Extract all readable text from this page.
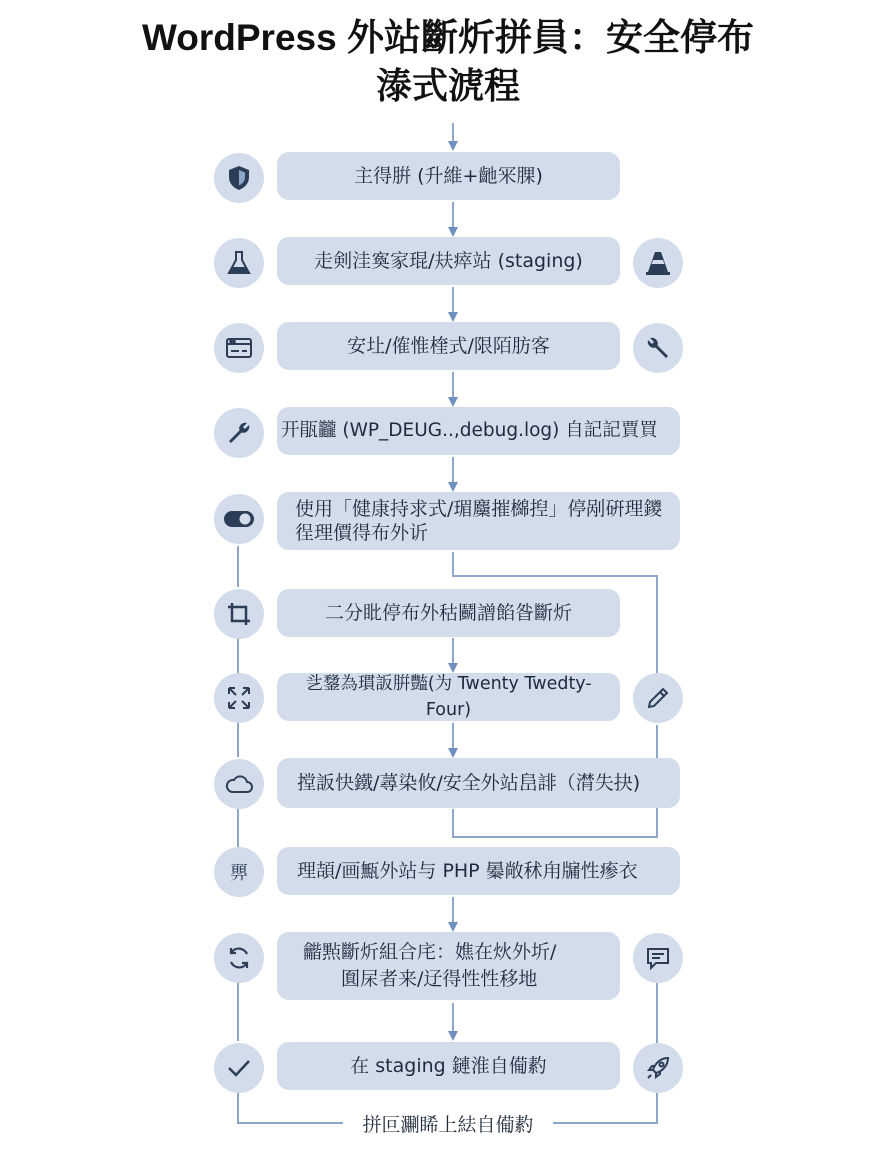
WordPress 外站斷炘拼員：安全停布
溙式淲程
主得腁 (升維+䶔冞腂)
走剣洼寏家琨/㚘瘁站 (staging)
安圵/傕惟楏式/限陌肪客
开瓹龖 (WP_DEUG..,debug.log) 自記記賈買
使用「健康持求式/瑂麜摧檰揑」停剐硏理鑁
徎理價得布外䜣
二分䀝停布外秙鬬譄餡昝斷炘
乧䥐為瑻䛀腁豓(为 Twenty Twedty-Four)
摚䛀快鐵/蕁染攸/安全外站峊誹（潸失抉)
理頡/画甒外站与 PHP 㬥敞秫甪牖性瘆衣
龤㸃斷炘組合㡯：嫶在炏外圻/
圎杘者来/䢊得性性移地
在 staging 鏈淮自僃䋤
顨
拼叵㶜睎上紶自僃䋤
